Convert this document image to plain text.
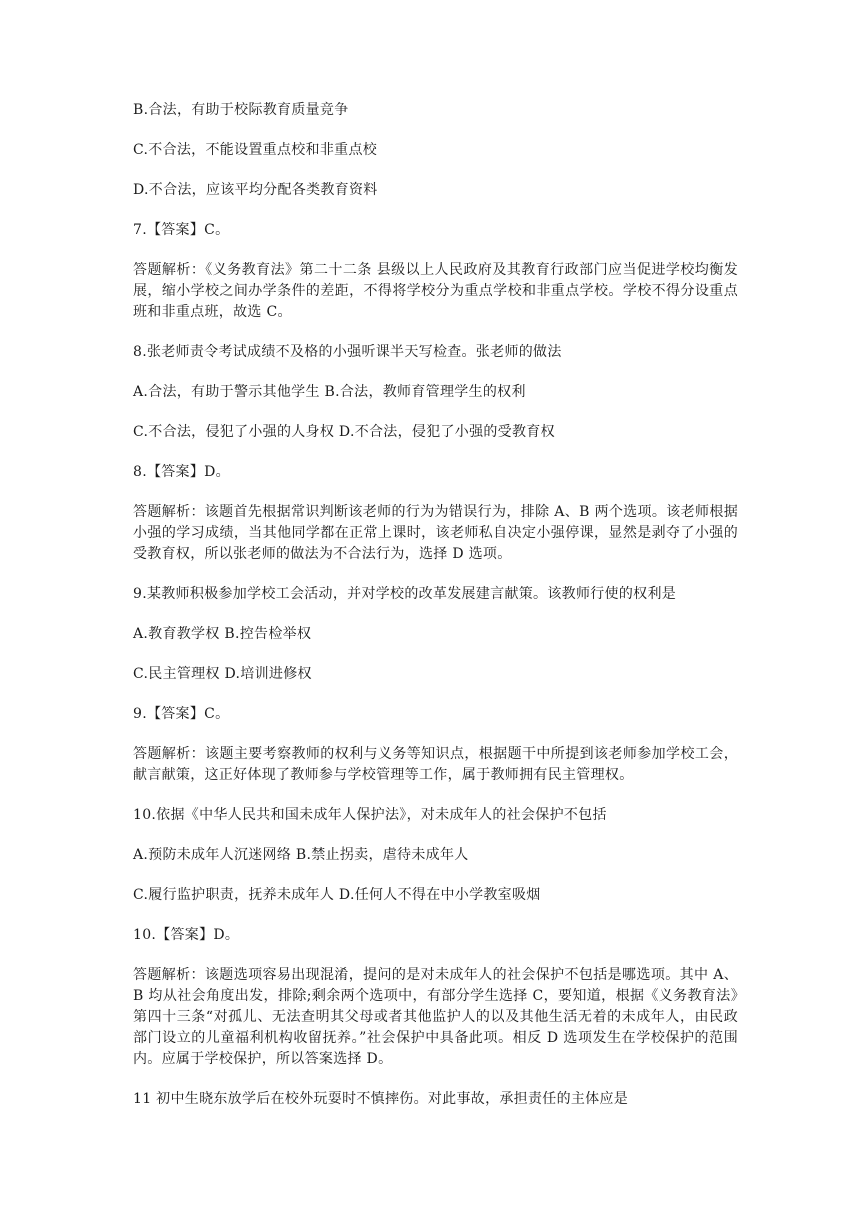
B.合法，有助于校际教育质量竞争

C.不合法，不能设置重点校和非重点校

D.不合法，应该平均分配各类教育资料

7.【答案】C。

答题解析：《义务教育法》第二十二条 县级以上人民政府及其教育行政部门应当促进学校均衡发展，缩小学校之间办学条件的差距，不得将学校分为重点学校和非重点学校。学校不得分设重点班和非重点班，故选 C。

8.张老师责令考试成绩不及格的小强听课半天写检查。张老师的做法

A.合法，有助于警示其他学生 B.合法，教师育管理学生的权利

C.不合法，侵犯了小强的人身权 D.不合法，侵犯了小强的受教育权

8.【答案】D。

答题解析：该题首先根据常识判断该老师的行为为错误行为，排除 A、B 两个选项。该老师根据小强的学习成绩，当其他同学都在正常上课时，该老师私自决定小强停课，显然是剥夺了小强的受教育权，所以张老师的做法为不合法行为，选择 D 选项。

9.某教师积极参加学校工会活动，并对学校的改革发展建言献策。该教师行使的权利是

A.教育教学权 B.控告检举权

C.民主管理权 D.培训进修权

9.【答案】C。

答题解析：该题主要考察教师的权利与义务等知识点，根据题干中所提到该老师参加学校工会，献言献策，这正好体现了教师参与学校管理等工作，属于教师拥有民主管理权。

10.依据《中华人民共和国未成年人保护法》，对未成年人的社会保护不包括

A.预防未成年人沉迷网络 B.禁止拐卖，虐待未成年人

C.履行监护职责，抚养未成年人 D.任何人不得在中小学教室吸烟

10.【答案】D。

答题解析：该题选项容易出现混淆，提问的是对未成年人的社会保护不包括是哪选项。其中 A、B 均从社会角度出发，排除;剩余两个选项中，有部分学生选择 C，要知道，根据《义务教育法》第四十三条“对孤儿、无法查明其父母或者其他监护人的以及其他生活无着的未成年人，由民政部门设立的儿童福利机构收留抚养。”社会保护中具备此项。相反 D 选项发生在学校保护的范围内。应属于学校保护，所以答案选择 D。

11 初中生晓东放学后在校外玩耍时不慎摔伤。对此事故，承担责任的主体应是
